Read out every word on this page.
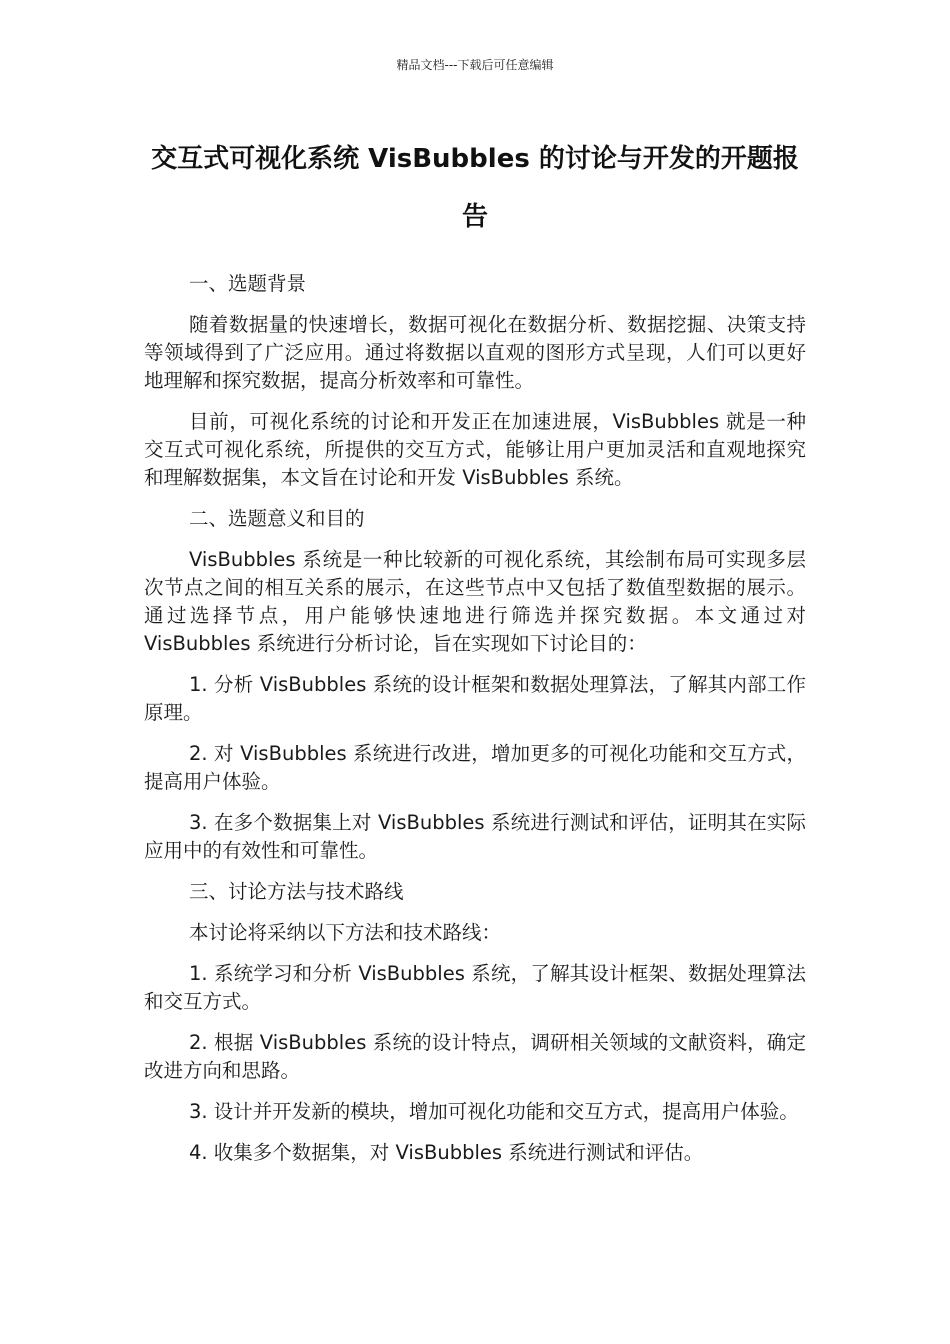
精品文档---下载后可任意编辑
交互式可视化系统 VisBubbles 的讨论与开发的开题报告

一、选题背景

随着数据量的快速增长，数据可视化在数据分析、数据挖掘、决策支持等领域得到了广泛应用。通过将数据以直观的图形方式呈现，人们可以更好地理解和探究数据，提高分析效率和可靠性。

目前，可视化系统的讨论和开发正在加速进展，VisBubbles 就是一种交互式可视化系统，所提供的交互方式，能够让用户更加灵活和直观地探究和理解数据集，本文旨在讨论和开发 VisBubbles 系统。

二、选题意义和目的

VisBubbles 系统是一种比较新的可视化系统，其绘制布局可实现多层次节点之间的相互关系的展示，在这些节点中又包括了数值型数据的展示。通过选择节点，用户能够快速地进行筛选并探究数据。本文通过对 VisBubbles 系统进行分析讨论，旨在实现如下讨论目的：

1. 分析 VisBubbles 系统的设计框架和数据处理算法，了解其内部工作原理。

2. 对 VisBubbles 系统进行改进，增加更多的可视化功能和交互方式，提高用户体验。

3. 在多个数据集上对 VisBubbles 系统进行测试和评估，证明其在实际应用中的有效性和可靠性。

三、讨论方法与技术路线

本讨论将采纳以下方法和技术路线：

1. 系统学习和分析 VisBubbles 系统，了解其设计框架、数据处理算法和交互方式。

2. 根据 VisBubbles 系统的设计特点，调研相关领域的文献资料，确定改进方向和思路。

3. 设计并开发新的模块，增加可视化功能和交互方式，提高用户体验。

4. 收集多个数据集，对 VisBubbles 系统进行测试和评估。
